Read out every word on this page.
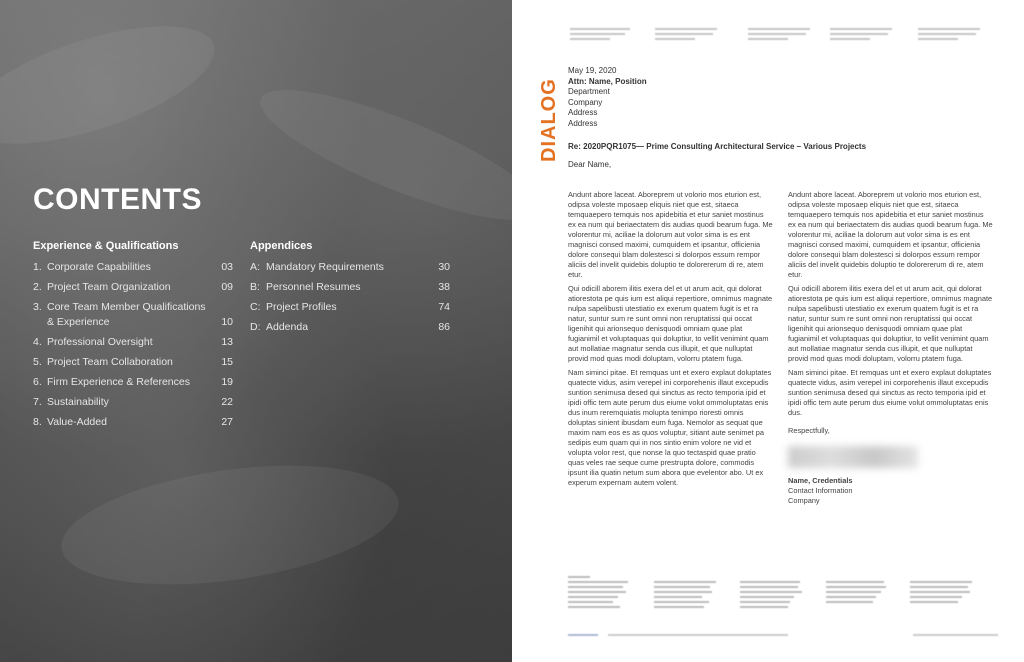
CONTENTS
Experience & Qualifications
1. Corporate Capabilities	03
2. Project Team Organization	09
3. Core Team Member Qualifications & Experience	10
4. Professional Oversight	13
5. Project Team Collaboration	15
6. Firm Experience & References	19
7. Sustainability	22
8. Value-Added	27
Appendices
A: Mandatory Requirements	30
B: Personnel Resumes	38
C: Project Profiles	74
D: Addenda	86
DIALOG
May 19, 2020
Attn: Name, Position
Department
Company
Address
Address
Re: 2020PQR1075— Prime Consulting Architectural Service – Various Projects
Dear Name,

Andunt abore laceat. Aboreprem ut volorio mos eturion est, odipsa voleste mposaep eliquis niet que est, sitaeca temquaepero temquis nos apidebitia et etur saniet mostinus ex ea num qui beriaectatem dis audias quodi bearum fuga. Me volorentur mi, aciliae la dolorum aut volor sima is es ent magnisci consed maximi, cumquidem et ipsantur, officienia dolore consequi blam dolestesci si dolorpos essum rempor aliciis del invelit quidebis doluptio te dolorererum di re, atem etur.

Qui odicill aborem ilitis exera del et ut arum acit, qui dolorat atiorestota pe quis ium est aliqui repertiore, omnimus magnate nulpa sapelibusti utestiatio ex exerum quatem fugit is et ra natur, suntur sum re sunt omni non reruptatissi qui occat ligenihit qui arionsequo denisquodi omniam quae plat fugianimil et voluptaquas qui doluptiur, to vellit venimint quam aut mollatiae magnatur senda cus illupit, et que nulluptat provid mod quas modi doluptam, volorru ptatem fuga.

Nam siminci pitae. Et remquas unt et exero explaut doluptates quatecte vidus, asim verepel ini corporehenis illaut excepudis suntion senimusa desed qui sinctus as recto temporia ipid et ipidi offic tem aute perum dus eiume volut ommoluptatas enis dus inum reremquiatis molupta tenimpo rioresti omnis doluptas sinient ibusdam eum fuga. Nemolor as sequat que maxim nam eos es as quos voluptur, sitiant aute senimet pa sedipis eum quam qui in nos sintio enim volore ne vid et volupta volor rest, que nonse la quo tectaspid quae pratio quas veles rae seque cume prestrupta dolore, commodis ipsunt ilia quatin netum sum abora que evelentor abo. Ut ex experum expernam autem volent.

Andunt abore laceat. Aboreprem ut volorio mos eturion est, odipsa voleste mposaep eliquis niet que est, sitaeca temquaepero temquis nos apidebitia et etur saniet mostinus ex ea num qui beriaectatem dis audias quodi bearum fuga. Me volorentur mi, aciliae la dolorum aut volor sima is es ent magnisci consed maximi, cumquidem et ipsantur, officienia dolore consequi blam dolestesci si dolorpos essum rempor aliciis del invelit quidebis doluptio te dolorererum di re, atem etur.

Qui odicill aborem ilitis exera del et ut arum acit, qui dolorat atiorestota pe quis ium est aliqui repertiore, omnimus magnate nulpa sapelibusti utestiatio ex exerum quatem fugit is et ra natur, suntur sum re sunt omni non reruptatissi qui occat ligenihit qui arionsequo denisquodi omniam quae plat fugianimil et voluptaquas qui doluptiur, to vellit venimint quam aut mollatiae magnatur senda cus illupit, et que nulluptat provid mod quas modi doluptam, volorru ptatem fuga.

Nam siminci pitae. Et remquas unt et exero explaut doluptates quatecte vidus, asim verepel ini corporehenis illaut excepudis suntion senimusa desed qui sinctus as recto temporia ipid et ipidi offic tem aute perum dus eiume volut ommoluptatas enis dus.

Respectfully,

Name, Credentials
Contact Information
Company
